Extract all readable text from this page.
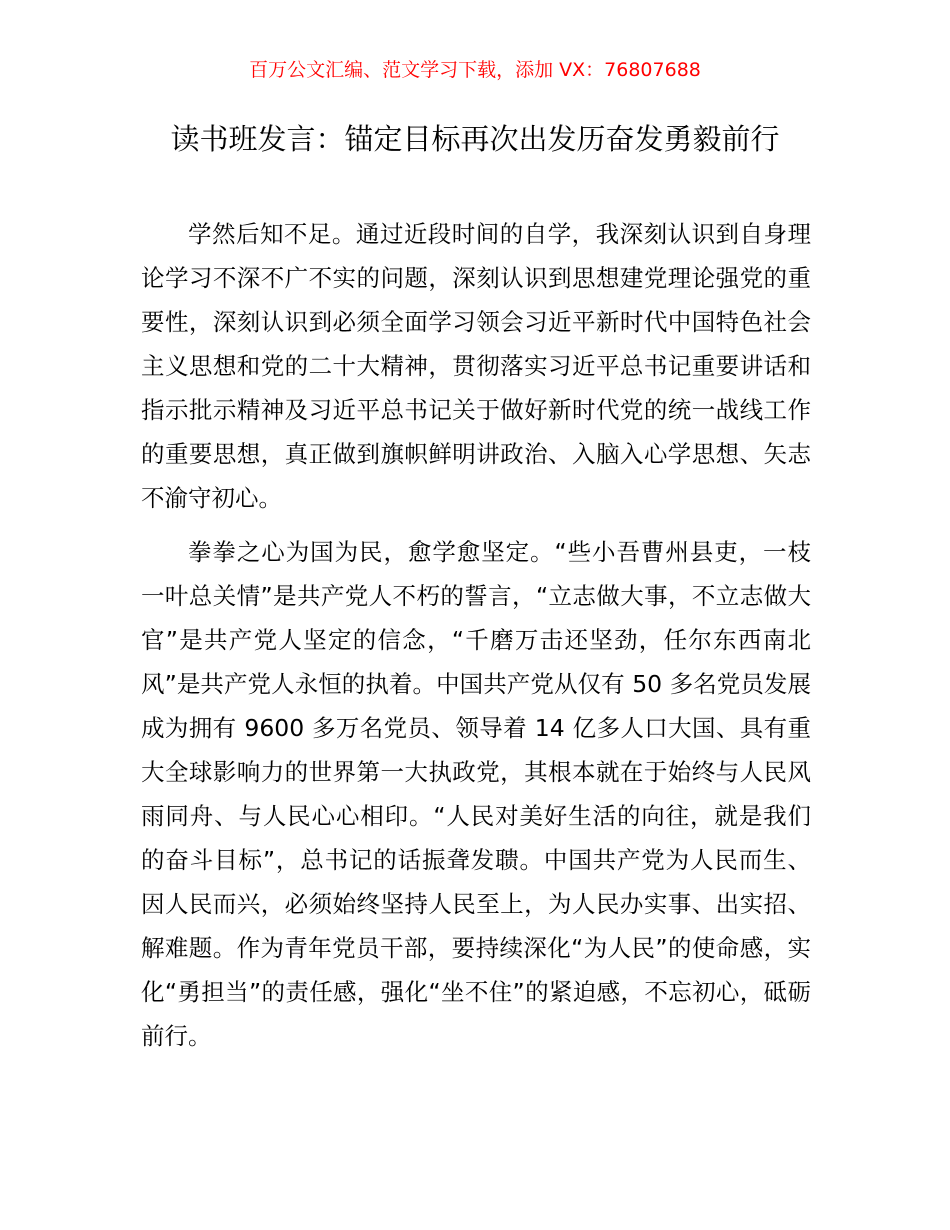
百万公文汇编、范文学习下载，添加 VX：76807688
读书班发言：锚定目标再次出发历奋发勇毅前行

学然后知不足。通过近段时间的自学，我深刻认识到自身理论学习不深不广不实的问题，深刻认识到思想建党理论强党的重要性，深刻认识到必须全面学习领会习近平新时代中国特色社会主义思想和党的二十大精神，贯彻落实习近平总书记重要讲话和指示批示精神及习近平总书记关于做好新时代党的统一战线工作的重要思想，真正做到旗帜鲜明讲政治、入脑入心学思想、矢志不渝守初心。

拳拳之心为国为民，愈学愈坚定。“些小吾曹州县吏，一枝一叶总关情”是共产党人不朽的誓言，“立志做大事，不立志做大官”是共产党人坚定的信念，“千磨万击还坚劲，任尔东西南北风”是共产党人永恒的执着。中国共产党从仅有 50 多名党员发展成为拥有 9600 多万名党员、领导着 14 亿多人口大国、具有重大全球影响力的世界第一大执政党，其根本就在于始终与人民风雨同舟、与人民心心相印。“人民对美好生活的向往，就是我们的奋斗目标”，总书记的话振聋发聩。中国共产党为人民而生、因人民而兴，必须始终坚持人民至上，为人民办实事、出实招、解难题。作为青年党员干部，要持续深化“为人民”的使命感，实化“勇担当”的责任感，强化“坐不住”的紧迫感，不忘初心，砥砺前行。
